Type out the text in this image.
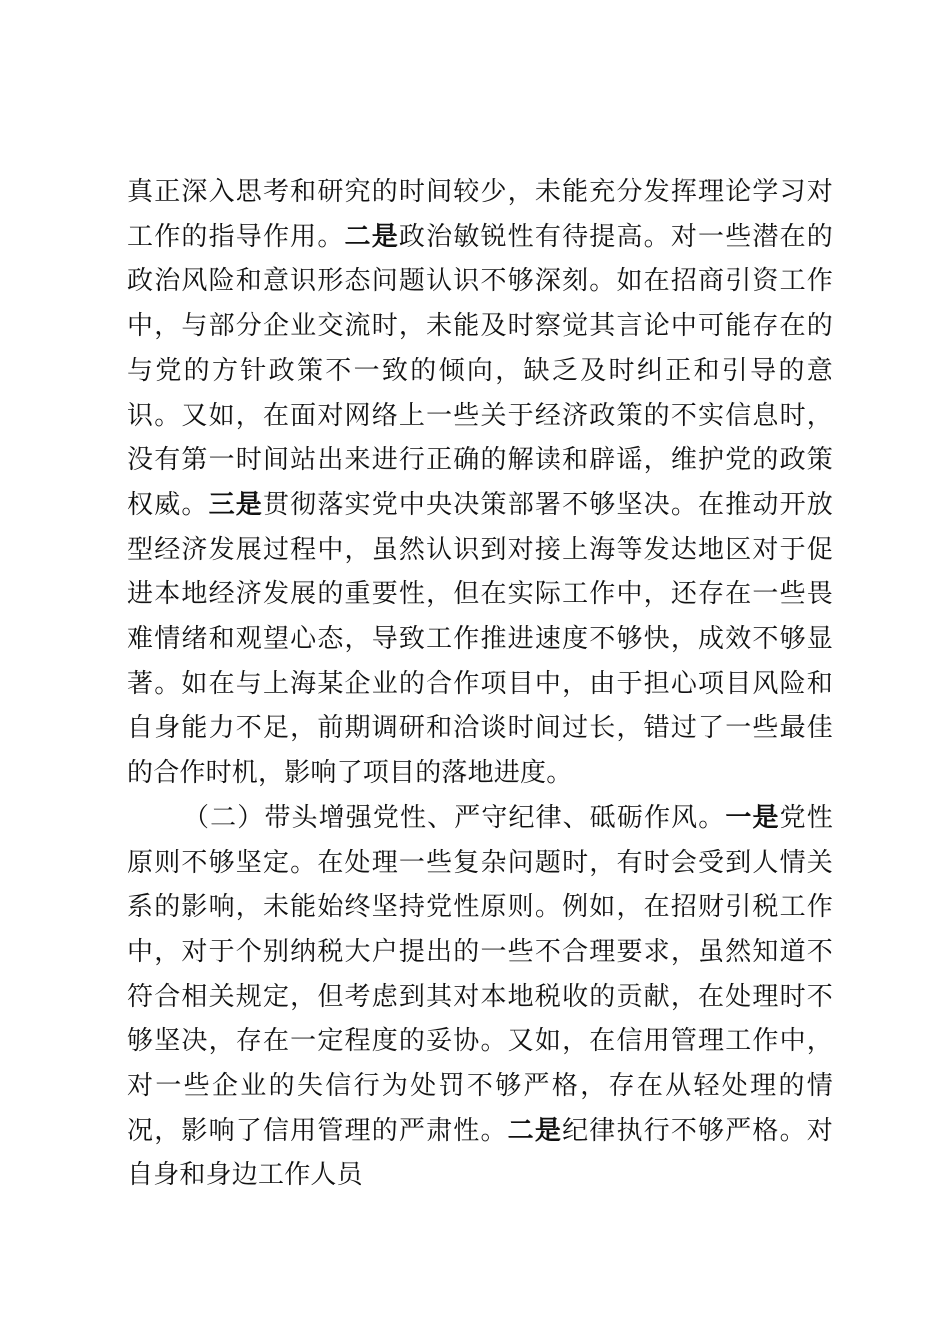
真正深入思考和研究的时间较少，未能充分发挥理论学习对工作的指导作用。二是政治敏锐性有待提高。对一些潜在的政治风险和意识形态问题认识不够深刻。如在招商引资工作中，与部分企业交流时，未能及时察觉其言论中可能存在的与党的方针政策不一致的倾向，缺乏及时纠正和引导的意识。又如，在面对网络上一些关于经济政策的不实信息时，没有第一时间站出来进行正确的解读和辟谣，维护党的政策权威。三是贯彻落实党中央决策部署不够坚决。在推动开放型经济发展过程中，虽然认识到对接上海等发达地区对于促进本地经济发展的重要性，但在实际工作中，还存在一些畏难情绪和观望心态，导致工作推进速度不够快，成效不够显著。如在与上海某企业的合作项目中，由于担心项目风险和自身能力不足，前期调研和洽谈时间过长，错过了一些最佳的合作时机，影响了项目的落地进度。

（二）带头增强党性、严守纪律、砥砺作风。一是党性原则不够坚定。在处理一些复杂问题时，有时会受到人情关系的影响，未能始终坚持党性原则。例如，在招财引税工作中，对于个别纳税大户提出的一些不合理要求，虽然知道不符合相关规定，但考虑到其对本地税收的贡献，在处理时不够坚决，存在一定程度的妥协。又如，在信用管理工作中，对一些企业的失信行为处罚不够严格，存在从轻处理的情况，影响了信用管理的严肃性。二是纪律执行不够严格。对自身和身边工作人员
